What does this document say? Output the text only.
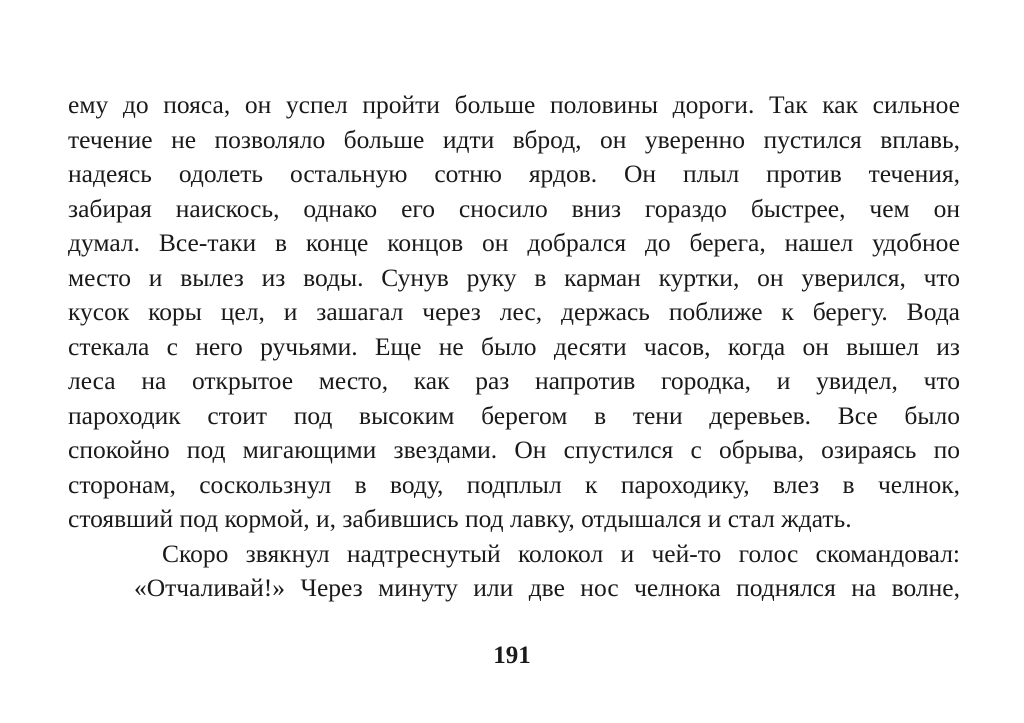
ему до пояса, он успел пройти больше половины дороги. Так как сильное
течение не позволяло больше идти вброд, он уверенно пустился вплавь,
надеясь одолеть остальную сотню ярдов. Он плыл против течения,
забирая наискось, однако его сносило вниз гораздо быстрее, чем он
думал. Все-таки в конце концов он добрался до берега, нашел удобное
место и вылез из воды. Сунув руку в карман куртки, он уверился, что
кусок коры цел, и зашагал через лес, держась поближе к берегу. Вода
стекала с него ручьями. Еще не было десяти часов, когда он вышел из
леса на открытое место, как раз напротив городка, и увидел, что
пароходик стоит под высоким берегом в тени деревьев. Все было
спокойно под мигающими звездами. Он спустился с обрыва, озираясь по
сторонам, соскользнул в воду, подплыл к пароходику, влез в челнок,
стоявший под кормой, и, забившись под лавку, отдышался и стал ждать.
Скоро звякнул надтреснутый колокол и чей-то голос скомандовал:
«Отчаливай!» Через минуту или две нос челнока поднялся на волне,
191
